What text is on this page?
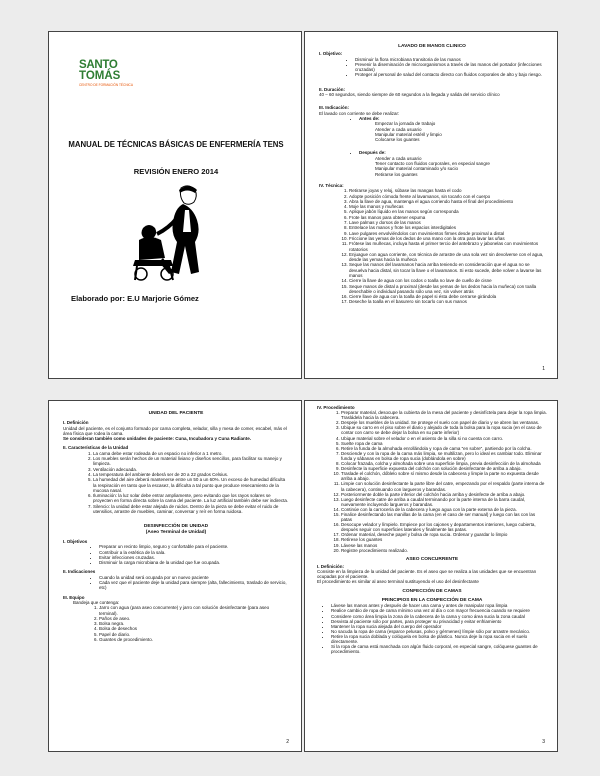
SANTO
TOMÁS
CENTRO DE FORMACIÓN TÉCNICA
MANUAL DE TÉCNICAS BÁSICAS DE ENFERMERÍA TENS
REVISIÓN ENERO 2014
Elaborado por: E.U Marjorie Gómez
LAVADO DE MANOS CLINICO
I. Objetivo:
• Disminuir la flora microbiana transitoria de las manos
• Prevenir la diseminación de microorganismos a través de las manos del portador (infecciones cruzadas)
• Proteger al personal de salud del contacto directo con fluidos corporales de alto y bajo riesgo.
II. Duración:
40 – 60 segundos, siendo siempre de 60 segundos a la llegada y salida del servicio clínico
III. Indicación:
El lavado con corriente se debe realizar:
• Antes de:
Empezar la jornada de trabajo
Atender a cada usuario
Manipular material estéril y limpio
Colocarse los guantes
• Después de:
Atender a cada usuario
Tener contacto con fluidos corporales, en especial sangre
Manipular material contaminado y/o sucio
Retirarse los guantes
IV. Técnica:
1. Retirarse joyas y reloj, súbase las mangas hasta el codo
2. Adopte posición cómoda frente al lavamanos, sin tocarlo con el cuerpo
3. Abra la llave de agua, mantenga el agua corriendo hasta el final del procedimiento
4. Moje las manos y muñecas
5. Aplique jabón líquido en las manos según corresponda
6. Frote las manos para obtener espuma
7. Lave palmas y dorsos de las manos
8. Entrelace las manos y frote los espacios interdigitales
9. Lave pulgares envolviéndolos con movimientos firmes desde proximal a distal
10. Friccione las yemas de los dedos de una mano con la otra para lavar las uñas
11. Frótese las muñecas, incluya hasta el primer tercio del antebrazo y jabonelas con movimientos rotatorios
12. Enjuague con agua corriente, con técnica de arrastre de una sola vez sin devolverse con el agua, desde las yemas hacia la muñeca
13. Seque las manos del lavamanos hacia arriba teniendo en consideración que el agua no se devuelva hacia distal, sin tocar la llave o el lavamanos. Si esto sucede, debe volver a lavarse las manos
14. Cierre la llave de agua con los codos o toalla no lave de cuello de cisne
15. Seque manos de distal a proximal (desde las yemas de los dedos hacia la muñeca) con toalla desechable o individual pasando sólo una vez, sin volver atrás
16. Cierre llave de agua con la toalla de papel si ésta debe cerrarse girándola
17. Deseche la toalla en el basurero sin tocarlo con sus manos
1
UNIDAD DEL PACIENTE
I. Definición
Unidad del paciente, es el conjunto formado por cama completa, velador, silla y mesa de comer, escabel, más el área física que rodea la cama.
Se consideran también como unidades de paciente: Cuna, Incubadora y Cuna Radiante.
II. Características de la Unidad
1. La cama debe estar rodeada de un espacio no inferior a 1 metro.
2. Los muebles serán hechos de un material liviano y diseños sencillos, para facilitar su manejo y limpieza.
3. Ventilación adecuada.
4. La temperatura del ambiente deberá ser de 20 a 22 grados Celsius.
5. La humedad del aire deberá mantenerse entre un 50 a un 60%. Un exceso de humedad dificulta la respiración en tanto que la escasez, la dificulta a tal punto que produce resecamiento de la mucosa nasal.
6. Iluminación: la luz solar debe entrar ampliamente, pero evitando que los rayos solares se proyecten en forma directa sobre la cama del paciente. La luz artificial también debe ser indirecta.
7. Silencio: la unidad debe estar alejada de ruidos. Dentro de la pieza se debe evitar el ruido de utensilios, arrastre de muebles, caminar, conversar y reír en forma ruidosa.
DESINFECCIÓN DE UNIDAD
(Aseo Terminal de Unidad)
I. Objetivos
• Preparar un recinto limpio, seguro y confortable para el paciente.
• Contribuir a la estética de la sala.
• Evitar infecciones cruzadas.
• Disminuir la carga microbiana de la unidad que fue ocupada.
II. Indicaciones
• Cuando la unidad será ocupada por un nuevo paciente
• Cada vez que el paciente deje la unidad para siempre (alta, fallecimiento, traslado de servicio, etc)
III. Equipo
Bandeja que contenga:
1. Jarro con agua (para aseo concurrente) y jarro con solución desinfectante (para aseo terminal).
2. Paños de aseo.
3. Bolsa negra.
4. Bolsa de desechos
5. Papel de diario.
6. Guantes de procedimiento.
2
IV. Procedimiento
1. Preparar material, desocupe la cubierta de la mesa del paciente y desinfíctela para dejar la ropa limpia. Trasládela hacia la cabecera.
2. Despeje los muebles de la unidad. Se protege el suelo con papel de diario y se abren las ventanas.
3. Ubique su carro en el piso sobre el diario y alejado de toda la bolsa para la ropa sucia (en el caso de contar con carro se debe dejar la bolsa en su parte inferior)
4. Ubique material sobre el velador o en el asiento de la silla si no cuenta con carro.
5. Suelte ropa de cama
6. Retire la funda de la almohada enrollándola y ropa de cama "en sobre", partiendo por la colcha.
7. Desciende y con la ropa de la cama más limpia, se multilizan, pero lo ideal es cambiar todo. Eliminar funda y sábanas en bolsa de ropa sucia (doblándola en sobre)
8. Colocar frazada, colcha y almohada sobre una superficie limpia, previa desinfección de la almohada
9. Desinfecte la superficie expuesta del colchón con solución desinfectante de arriba a abajo.
10. Traslade el colchón, dóblelo sobre sí mismo desde la cabecera y limpie la parte no expuesta desde arriba a abajo.
11. Limpie con solución desinfectante la parte libre del catre, empezando por el respaldo (parte interna de la cabecera), continuando con largueros y barandas.
12. Posteriormente doble la parte inferior del colchón hacia arriba y desinfecte de arriba a abajo.
13. Luego desinfecte catre de arriba a caudal terminando por la parte interna de la barra caudal, nuevamente incluyendo largueros y barandas.
14. Continúe con la carrocería de la cabecera y luego agua con la parte externa de la pieza.
15. Finalice desinfectando las manillas de la cama (en el caso de ser manual) y luego con las con las patas
16. Desocupe velador y límpielo. Empiece por los cajones y departamentos interiores, luego cubierta, después seguir con superficies laterales y finalmente las patas.
17. Ordenar material, deseche papel y bolsa de ropa sucia. Ordenar y guardar lo limpio
18. Retírese los guantes
19. Lávese las manos
20. Registre procedimiento realizado.
ASEO CONCURRENTE
I. Definición:
Consiste en la limpieza de la unidad del paciente. Es el aseo que se realiza a las unidades que se encuentran ocupadas por el paciente.
El procedimiento es similar al aseo terminal sustituyendo el uso del desinfectante
CONFECCIÓN DE CAMAS
PRINCIPIOS EN LA CONFECCIÓN DE CAMA
• Lávese las manos antes y después de hacer una cama y antes de manipular ropa limpia
• Realice cambio de ropa de cama mínimo una vez al día o con mayor frecuencia cuando se requiere
• Considere como área limpia la zona de la cabecera de la cama y como área sucia la zona caudal
• Desvista al paciente sólo por partes, para proteger su privacidad y evitar enfriamiento
• Mantener la ropa sucia alejada del cuerpo del operador
• No sacuda la ropa de cama (esparce pelusas, polvo y gérmenes) límpie sólo por arrastre mecánico.
• Retire la ropa sucia doblada y colóquela en bolsa de plástico. Nunca deje la ropa sucia en el suelo directamente.
• Si la ropa de cama está manchada con algún fluido corporal, en especial sangre, colóquese guantes de procedimiento.
3
